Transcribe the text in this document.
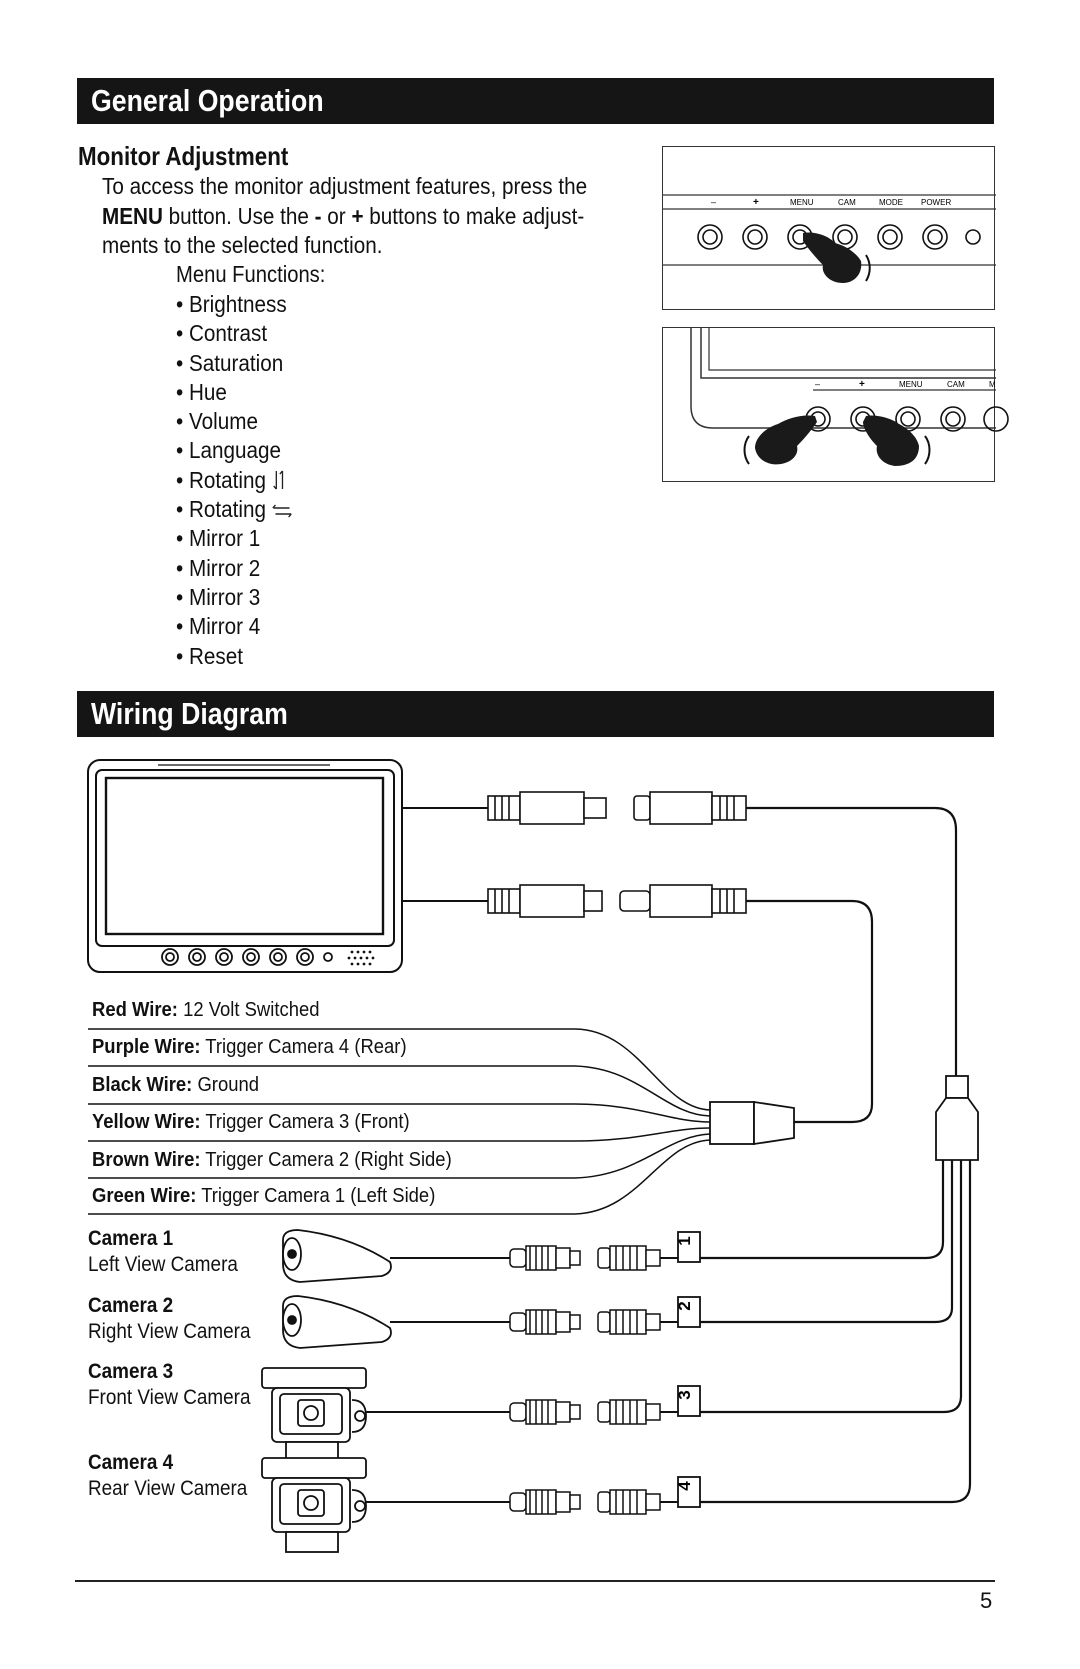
General Operation
Monitor Adjustment
To access the monitor adjustment features, press the
MENU button. Use the - or + buttons to make adjust-
ments to the selected function.
Menu Functions:
• Brightness
• Contrast
• Saturation
• Hue
• Volume
• Language
• Rotating
• Rotating
• Mirror 1
• Mirror 2
• Mirror 3
• Mirror 4
• Reset
–	+	MENU	CAM	MODE POWER
–	+	MENU	CAM	M
Wiring Diagram
1
2
3
4
Red Wire: 12 Volt Switched
Purple Wire: Trigger Camera 4 (Rear)
Black Wire: Ground
Yellow Wire: Trigger Camera 3 (Front)
Brown Wire: Trigger Camera 2 (Right Side)
Green Wire: Trigger Camera 1 (Left Side)
Camera 1
Left View Camera
Camera 2
Right View Camera
Camera 3
Front View Camera
Camera 4
Rear View Camera
5
